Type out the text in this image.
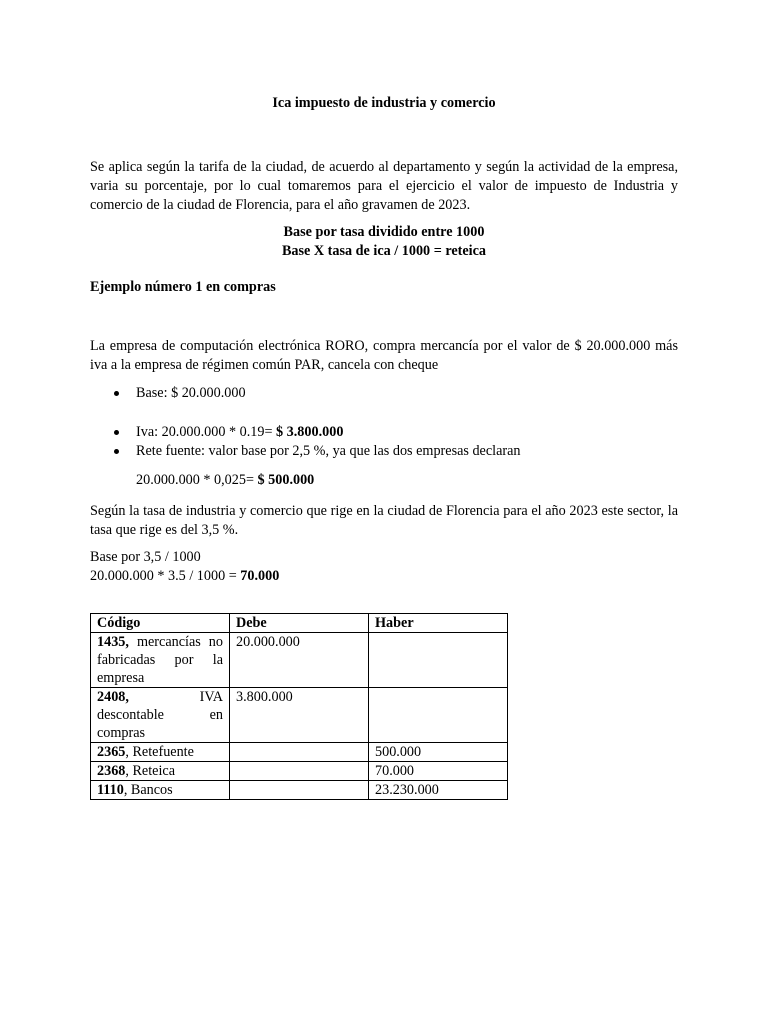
Ica impuesto de industria y comercio
Se aplica según la tarifa de la ciudad, de acuerdo al departamento y según la actividad de la empresa, varia su porcentaje, por lo cual tomaremos para el ejercicio el valor de impuesto de Industria y comercio de la ciudad de Florencia, para el año gravamen de 2023.
Base por tasa dividido entre 1000
Base X tasa de ica / 1000 = reteica
Ejemplo número 1 en compras
La empresa de computación electrónica RORO, compra mercancía por el valor de $ 20.000.000 más iva a la empresa de régimen común PAR, cancela con cheque
Base: $ 20.000.000
Iva: 20.000.000 * 0.19= $ 3.800.000
Rete fuente: valor base por 2,5 %, ya que las dos empresas declaran
20.000.000 * 0,025= $ 500.000
Según la tasa de industria y comercio que rige en la ciudad de Florencia para el año 2023 este sector, la tasa que rige es del 3,5 %.
Base por 3,5 / 1000
20.000.000 * 3.5 / 1000 = 70.000
Código	Debe	Haber

1435, mercancías no
fabricadas por la
empresa	20.000.000	

2408, IVA
descontable en
compras	3.800.000	
2365, Retefuente		500.000
2368, Reteica		70.000
1110, Bancos		23.230.000
